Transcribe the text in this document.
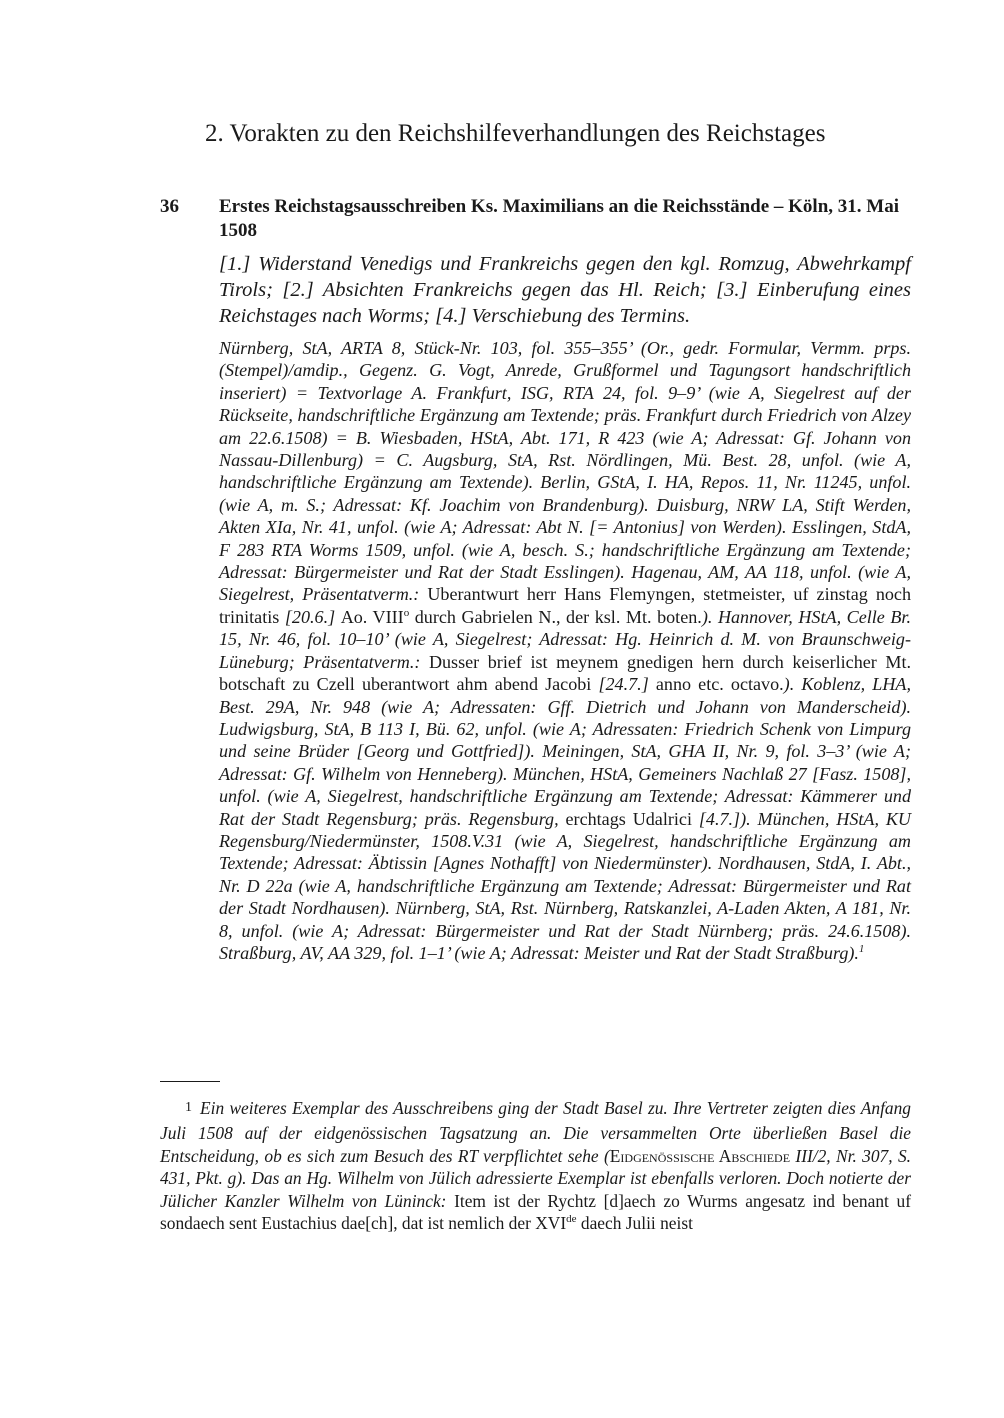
2. Vorakten zu den Reichshilfeverhandlungen des Reichstages
36 Erstes Reichstagsausschreiben Ks. Maximilians an die Reichsstände – Köln, 31. Mai 1508

[1.] Widerstand Venedigs und Frankreichs gegen den kgl. Romzug, Abwehrkampf Tirols; [2.] Absichten Frankreichs gegen das Hl. Reich; [3.] Einberufung eines Reichstages nach Worms; [4.] Verschiebung des Termins.

Nürnberg, StA, ARTA 8, Stück-Nr. 103, fol. 355–355’ (Or., gedr. Formular, Vermm. prps. (Stempel)/amdip., Gegenz. G. Vogt, Anrede, Grußformel und Tagungsort handschriftlich inseriert) = Textvorlage A. Frankfurt, ISG, RTA 24, fol. 9–9’ (wie A, Siegelrest auf der Rückseite, handschriftliche Ergänzung am Textende; präs. Frankfurt durch Friedrich von Alzey am 22.6.1508) = B. Wiesbaden, HStA, Abt. 171, R 423 (wie A; Adressat: Gf. Johann von Nassau-Dillenburg) = C. Augsburg, StA, Rst. Nördlingen, Mü. Best. 28, unfol. (wie A, handschriftliche Ergänzung am Textende). Berlin, GStA, I. HA, Repos. 11, Nr. 11245, unfol. (wie A, m. S.; Adressat: Kf. Joachim von Brandenburg). Duisburg, NRW LA, Stift Werden, Akten XIa, Nr. 41, unfol. (wie A; Adressat: Abt N. [= Antonius] von Werden). Esslingen, StdA, F 283 RTA Worms 1509, unfol. (wie A, besch. S.; handschriftliche Ergänzung am Textende; Adressat: Bürgermeister und Rat der Stadt Esslingen). Hagenau, AM, AA 118, unfol. (wie A, Siegelrest, Präsentatverm.: Uberantwurt herr Hans Flemyngen, stetmeister, uf zinstag noch trinitatis [20.6.] Ao. VIII$^o$ durch Gabrielen N., der ksl. Mt. boten.). Hannover, HStA, Celle Br. 15, Nr. 46, fol. 10–10’ (wie A, Siegelrest; Adressat: Hg. Heinrich d. M. von Braunschweig-Lüneburg; Präsentatverm.: Dusser brief ist meynem gnedigen hern durch keiserlicher Mt. botschaft zu Czell uberantwort ahm abend Jacobi [24.7.] anno etc. octavo.). Koblenz, LHA, Best. 29A, Nr. 948 (wie A; Adressaten: Gff. Dietrich und Johann von Manderscheid). Ludwigsburg, StA, B 113 I, Bü. 62, unfol. (wie A; Adressaten: Friedrich Schenk von Limpurg und seine Brüder [Georg und Gottfried]). Meiningen, StA, GHA II, Nr. 9, fol. 3–3’ (wie A; Adressat: Gf. Wilhelm von Henneberg). München, HStA, Gemeiners Nachlaß 27 [Fasz. 1508], unfol. (wie A, Siegelrest, handschriftliche Ergänzung am Textende; Adressat: Kämmerer und Rat der Stadt Regensburg; präs. Regensburg, erchtags Udalrici [4.7.]). München, HStA, KU Regensburg/Niedermünster, 1508.V.31 (wie A, Siegelrest, handschriftliche Ergänzung am Textende; Adressat: Äbtissin [Agnes Nothafft] von Niedermünster). Nordhausen, StdA, I. Abt., Nr. D 22a (wie A, handschriftliche Ergänzung am Textende; Adressat: Bürgermeister und Rat der Stadt Nordhausen). Nürnberg, StA, Rst. Nürnberg, Ratskanzlei, A-Laden Akten, A 181, Nr. 8, unfol. (wie A; Adressat: Bürgermeister und Rat der Stadt Nürnberg; präs. 24.6.1508). Straßburg, AV, AA 329, fol. 1–1’ (wie A; Adressat: Meister und Rat der Stadt Straßburg).$^1$

1 Ein weiteres Exemplar des Ausschreibens ging der Stadt Basel zu. Ihre Vertreter zeigten dies Anfang Juli 1508 auf der eidgenössischen Tagsatzung an. Die versammelten Orte überließen Basel die Entscheidung, ob es sich zum Besuch des RT verpflichtet sehe (Eidgenössische Abschiede III/2, Nr. 307, S. 431, Pkt. g). Das an Hg. Wilhelm von Jülich adressierte Exemplar ist ebenfalls verloren. Doch notierte der Jülicher Kanzler Wilhelm von Lüninck: Item ist der Rychtz [d]aech zo Wurms angesatz ind benant uf sondaech sent Eustachius dae[ch], dat ist nemlich der XVIde daech Julii neist
